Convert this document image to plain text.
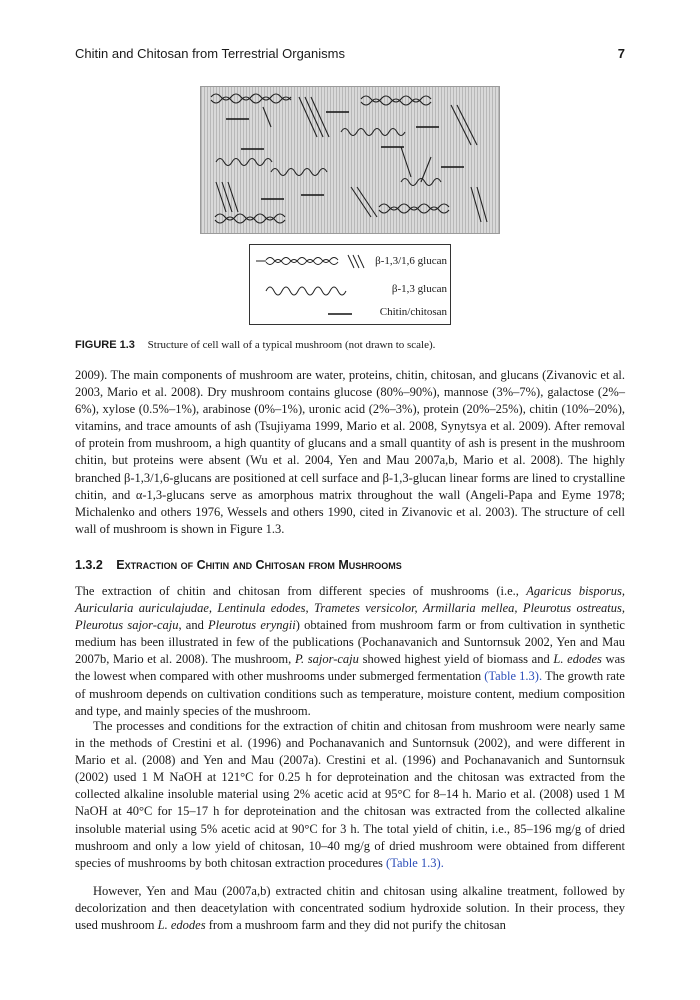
Chitin and Chitosan from Terrestrial Organisms	7
β-1,3/1,6 glucan
β-1,3 glucan
Chitin/chitosan
FIGURE 1.3 Structure of cell wall of a typical mushroom (not drawn to scale).

2009). The main components of mushroom are water, proteins, chitin, chitosan, and glucans (Zivanovic et al. 2003, Mario et al. 2008). Dry mushroom contains glucose (80%–90%), mannose (3%–7%), galactose (2%–6%), xylose (0.5%–1%), arabinose (0%–1%), uronic acid (2%–3%), protein (20%–25%), chitin (10%–20%), vitamins, and trace amounts of ash (Tsujiyama 1999, Mario et al. 2008, Synytsya et al. 2009). After removal of protein from mushroom, a high quantity of glucans and a small quantity of ash is present in the mushroom chitin, but proteins were absent (Wu et al. 2004, Yen and Mau 2007a,b, Mario et al. 2008). The highly branched β-1,3/1,6-glucans are positioned at cell surface and β-1,3-glucan linear forms are lined to crystalline chitin, and α-1,3-glucans serve as amorphous matrix throughout the wall (Angeli-Papa and Eyme 1978; Michalenko and others 1976, Wessels and others 1990, cited in Zivanovic et al. 2003). The structure of cell wall of mushroom is shown in Figure 1.3.

1.3.2 Extraction of Chitin and Chitosan from Mushrooms

The extraction of chitin and chitosan from different species of mushrooms (i.e., Agaricus bisporus, Auricularia auriculajudae, Lentinula edodes, Trametes versicolor, Armillaria mellea, Pleurotus ostreatus, Pleurotus sajor-caju, and Pleurotus eryngii) obtained from mushroom farm or from cultivation in synthetic medium has been illustrated in few of the publications (Pochanavanich and Suntornsuk 2002, Yen and Mau 2007b, Mario et al. 2008). The mushroom, P. sajor-caju showed highest yield of biomass and L. edodes was the lowest when compared with other mushrooms under submerged fermentation (Table 1.3). The growth rate of mushroom depends on cultivation conditions such as temperature, moisture content, medium composition and type, and mainly species of the mushroom.

The processes and conditions for the extraction of chitin and chitosan from mushroom were nearly same in the methods of Crestini et al. (1996) and Pochanavanich and Suntornsuk (2002), and were different in Mario et al. (2008) and Yen and Mau (2007a). Crestini et al. (1996) and Pochanavanich and Suntornsuk (2002) used 1 M NaOH at 121°C for 0.25 h for deproteination and the chitosan was extracted from the collected alkaline insoluble material using 2% acetic acid at 95°C for 8–14 h. Mario et al. (2008) used 1 M NaOH at 40°C for 15–17 h for deproteination and the chitosan was extracted from the collected alkaline insoluble material using 5% acetic acid at 90°C for 3 h. The total yield of chitin, i.e., 85–196 mg/g of dried mushroom and only a low yield of chitosan, 10–40 mg/g of dried mushroom were obtained from different species of mushrooms by both chitosan extraction procedures (Table 1.3).

However, Yen and Mau (2007a,b) extracted chitin and chitosan using alkaline treatment, followed by decolorization and then deacetylation with concentrated sodium hydroxide solution. In their process, they used mushroom L. edodes from a mushroom farm and they did not purify the chitosan
